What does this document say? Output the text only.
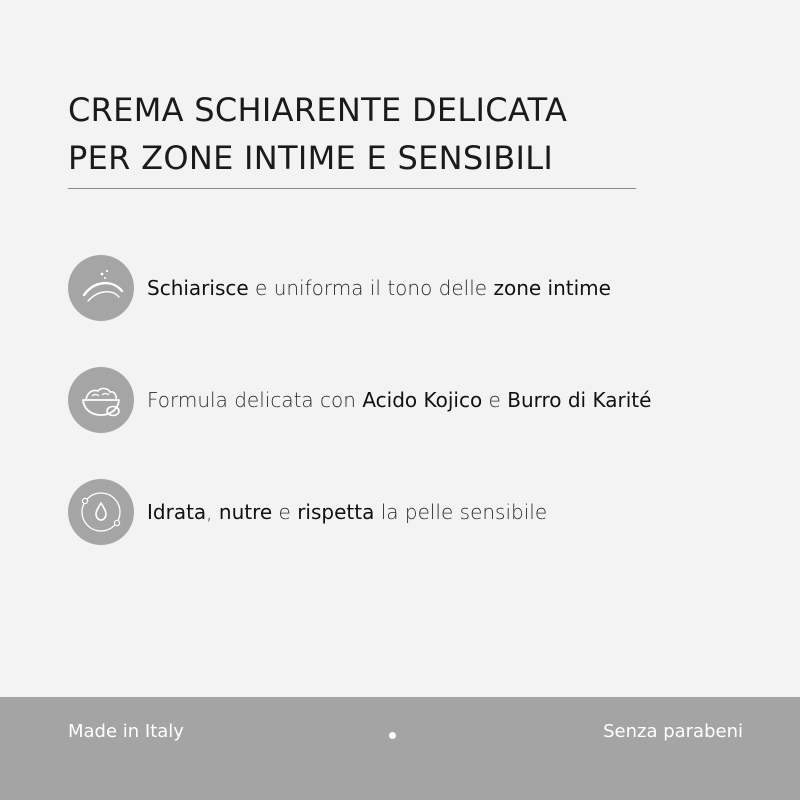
CREMA SCHIARENTE DELICATA
PER ZONE INTIME E SENSIBILI
Schiarisce e uniforma il tono delle zone intime
Formula delicata con Acido Kojico e Burro di Karité
Idrata, nutre e rispetta la pelle sensibile
Made in Italy	Senza parabeni
